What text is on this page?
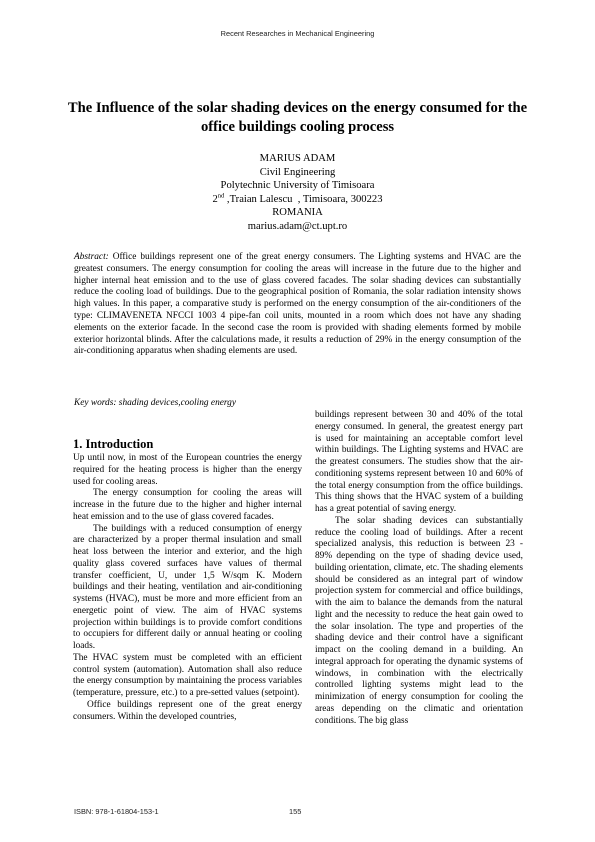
Recent Researches in Mechanical Engineering
The Influence of the solar shading devices on the energy consumed for the office buildings cooling process
MARIUS ADAM
Civil Engineering
Polytechnic University of Timisoara
2nd ,Traian Lalescu  , Timisoara, 300223
ROMANIA
marius.adam@ct.upt.ro

Abstract: Office buildings represent one of the great energy consumers. The Lighting systems and HVAC are the greatest consumers. The energy consumption for cooling the areas will increase in the future due to the higher and higher internal heat emission and to the use of glass covered facades. The solar shading devices can substantially reduce the cooling load of buildings. Due to the geographical position of Romania, the solar radiation intensity shows high values. In this paper, a comparative study is performed on the energy consumption of the air-conditioners of the type: CLIMAVENETA NFCCI 1003 4 pipe-fan coil units, mounted in a room which does not have any shading elements on the exterior facade. In the second case the room is provided with shading elements formed by mobile exterior horizontal blinds. After the calculations made, it results a reduction of 29% in the energy consumption of the air-conditioning apparatus when shading elements are used.

Key words: shading devices,cooling energy
1. Introduction

Up until now, in most of the European countries the energy required for the heating process is higher than the energy used for cooling areas.

The energy consumption for cooling the areas will increase in the future due to the higher and higher internal heat emission and to the use of glass covered facades.

The buildings with a reduced consumption of energy are characterized by a proper thermal insulation and small heat loss between the interior and exterior, and the high quality glass covered surfaces have values of thermal transfer coefficient, U, under 1,5 W/sqm K. Modern buildings and their heating, ventilation and air-conditioning systems (HVAC), must be more and more efficient from an energetic point of view. The aim of HVAC systems projection within buildings is to provide comfort conditions to occupiers for different daily or annual heating or cooling loads.

The HVAC system must be completed with an efficient control system (automation). Automation shall also reduce the energy consumption by maintaining the process variables (temperature, pressure, etc.) to a pre-setted values (setpoint).

Office buildings represent one of the great energy consumers. Within the developed countries,

buildings represent between 30 and 40% of the total energy consumed. In general, the greatest energy part is used for maintaining an acceptable comfort level within buildings. The Lighting systems and HVAC are the greatest consumers. The studies show that the air-conditioning systems represent between 10 and 60% of the total energy consumption from the office buildings. This thing shows that the HVAC system of a building has a great potential of saving energy.

The solar shading devices can substantially reduce the cooling load of buildings. After a recent specialized analysis, this reduction is between 23 - 89% depending on the type of shading device used, building orientation, climate, etc. The shading elements should be considered as an integral part of window projection system for commercial and office buildings, with the aim to balance the demands from the natural light and the necessity to reduce the heat gain owed to the solar insolation. The type and properties of the shading device and their control have a significant impact on the cooling demand in a building. An integral approach for operating the dynamic systems of windows, in combination with the electrically controlled lighting systems might lead to the minimization of energy consumption for cooling the areas depending on the climatic and orientation conditions. The big glass

ISBN: 978-1-61804-153-1	155
